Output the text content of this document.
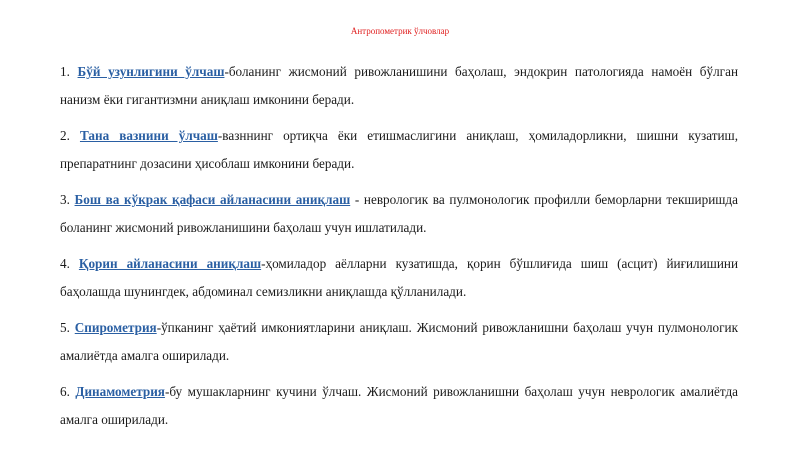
Антропометрик ўлчовлар

1. Бўй узунлигини ўлчаш-боланинг жисмоний ривожланишини баҳолаш, эндокрин патологияда намоён бўлган нанизм ёки гигантизмни аниқлаш имконини беради.

2. Тана вазнини ўлчаш-вазннинг ортиқча ёки етишмаслигини аниқлаш, ҳомиладорликни, шишни кузатиш, препаратнинг дозасини ҳисоблаш имконини беради.

3. Бош ва кўкрак қафаси айланасини аниқлаш - неврологик ва пулмонологик профилли беморларни текширишда боланинг жисмоний ривожланишини баҳолаш учун ишлатилади.

4. Қорин айланасини аниқлаш-ҳомиладор аёлларни кузатишда, қорин бўшлиғида шиш (асцит) йиғилишини баҳолашда шунингдек, абдоминал семизликни аниқлашда қўлланилади.

5. Спирометрия-ўпканинг ҳаётий имкониятларини аниқлаш. Жисмоний ривожланишни баҳолаш учун пулмонологик амалиётда амалга оширилади.

6. Динамометрия-бу мушакларнинг кучини ўлчаш. Жисмоний ривожланишни баҳолаш учун неврологик амалиётда амалга оширилади.
